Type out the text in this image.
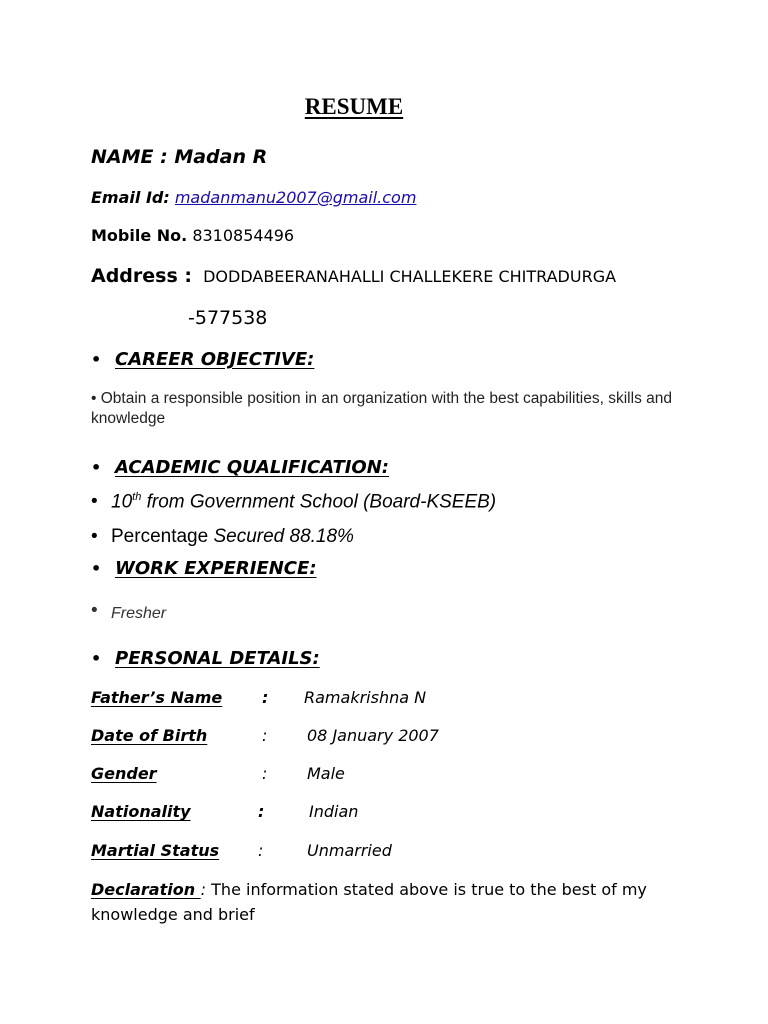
RESUME
NAME : Madan R
Email Id: madanmanu2007@gmail.com
Mobile No. 8310854496
Address : DODDABEERANAHALLI CHALLEKERE CHITRADURGA
-577538
• CAREER OBJECTIVE:
• Obtain a responsible position in an organization with the best capabilities, skills and knowledge
• ACADEMIC QUALIFICATION:
• 10th from Government School (Board-KSEEB)
• Percentage Secured 88.18%
• WORK EXPERIENCE:
• Fresher
• PERSONAL DETAILS:
Father’s Name : Ramakrishna N
Date of Birth	: 08 January 2007
Gender	: Male
Nationality	:	Indian
Martial Status :	Unmarried
Declaration : The information stated above is true to the best of my knowledge and brief
